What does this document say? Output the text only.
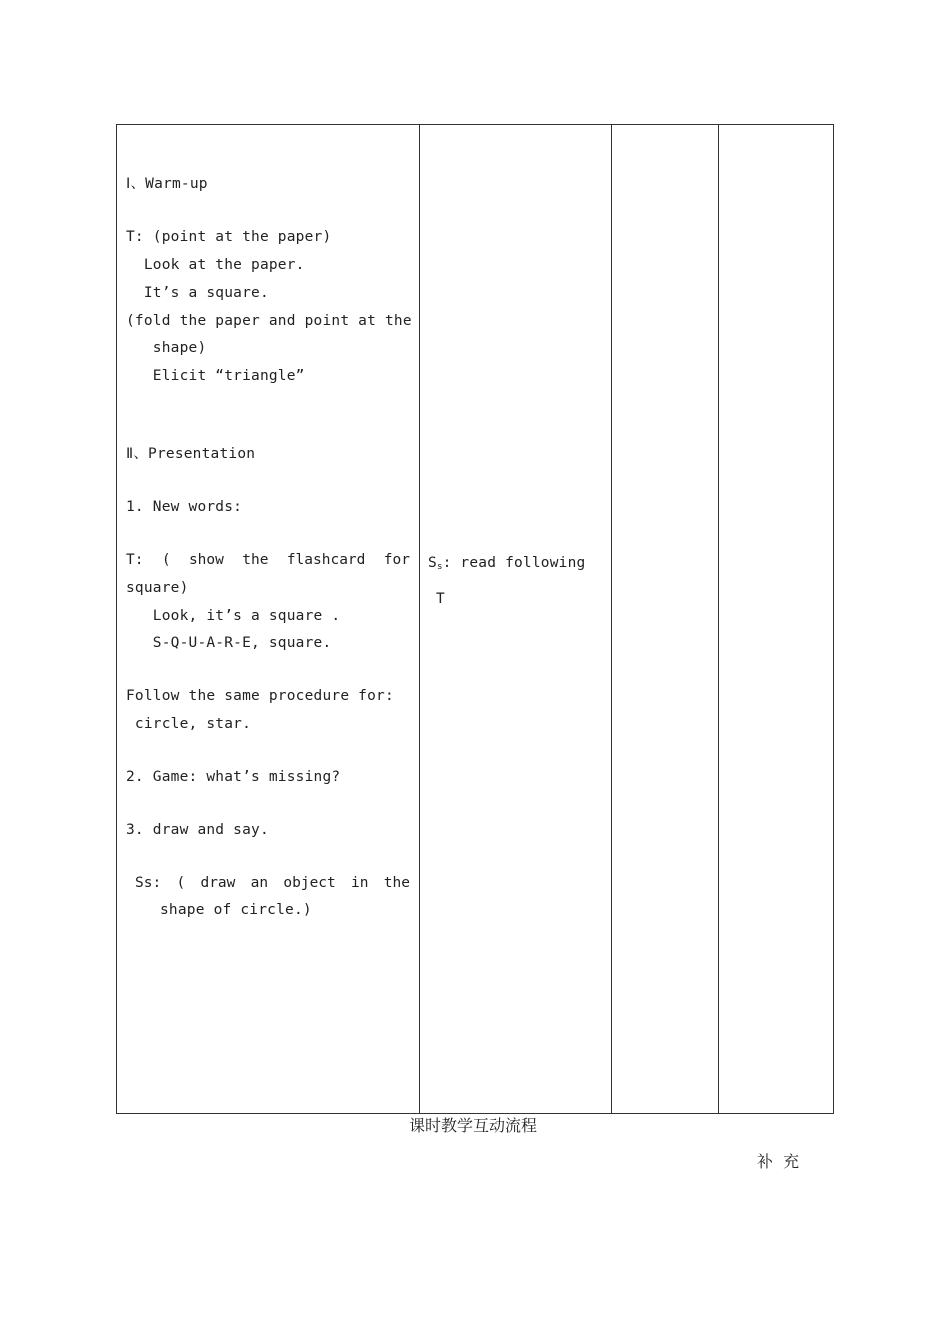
Ⅰ、Warm-up
T: (point at the paper)
Look at the paper.
It’s a square.
(fold the paper and point at the
shape)
Elicit “triangle”
Ⅱ、Presentation
1. New words:
T: ( show the flashcard for
square)
Look, it’s a square .
S-Q-U-A-R-E, square.
Follow the same procedure for:
circle, star.
2. Game: what’s missing?
3. draw and say.
Ss: ( draw an object in the
shape of circle.)
$S_s$: read following
T
课时教学互动流程
补  充
